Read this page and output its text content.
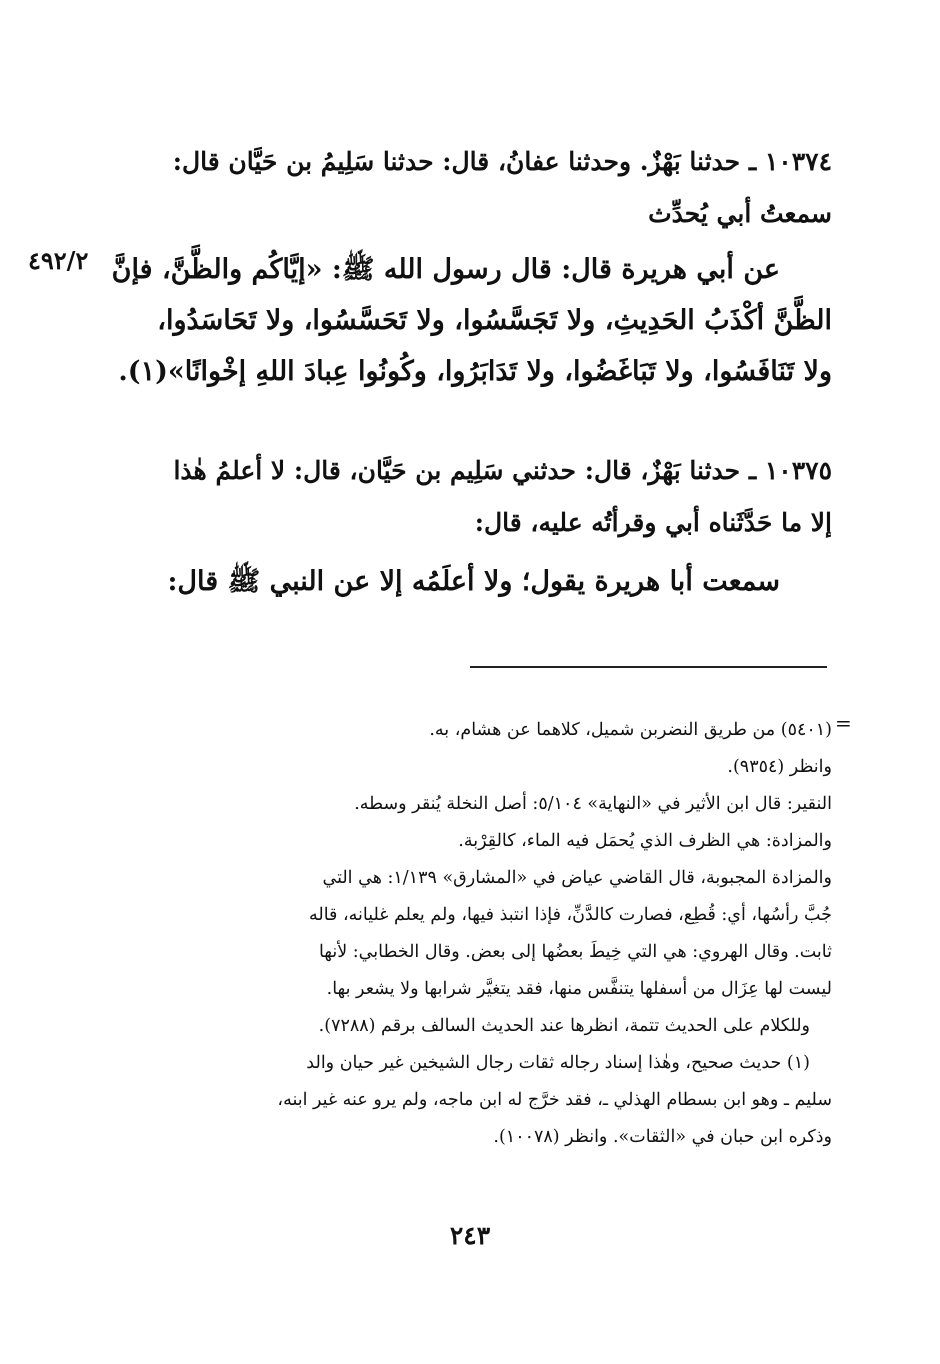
١٠٣٧٤ ـ حدثنا بَهْزٌ. وحدثنا عفانُ، قال: حدثنا سَلِيمُ بن حَيَّان قال:
سمعتُ أبي يُحدِّث
٤٩٢/٢ عن أبي هريرة قال: قال رسول الله ﷺ: «إيَّاكُم والظَّنَّ، فإنَّ
الظَّنَّ أكْذَبُ الحَدِيثِ، ولا تَجَسَّسُوا، ولا تَحَسَّسُوا، ولا تَحَاسَدُوا،
ولا تَنَافَسُوا، ولا تَبَاغَضُوا، ولا تَدَابَرُوا، وكُونُوا عِبادَ اللهِ إخْوانًا»(١).
١٠٣٧٥ ـ حدثنا بَهْزٌ، قال: حدثني سَلِيم بن حَيَّان، قال: لا أعلمُ هٰذا
إلا ما حَدَّثَناه أبي وقرأتُه عليه، قال:
سمعت أبا هريرة يقول؛ ولا أعلَمُه إلا عن النبي ﷺ قال:
=
(٥٤٠١) من طريق النضربن شميل، كلاهما عن هشام، به.
وانظر (٩٣٥٤).
النقير: قال ابن الأثير في «النهاية» ٥/١٠٤: أصل النخلة يُنقر وسطه.
والمزادة: هي الظرف الذي يُحمَل فيه الماء، كالقِرْبة.
والمزادة المجبوبة، قال القاضي عياض في «المشارق» ١/١٣٩: هي التي
جُبَّ رأسُها، أي: قُطِع، فصارت كالدَّنِّ، فإذا انتبذ فيها، ولم يعلم غليانه، قاله
ثابت. وقال الهروي: هي التي خِيطَ بعضُها إلى بعض. وقال الخطابي: لأنها
ليست لها عِزَال من أسفلها يتنفَّس منها، فقد يتغيَّر شرابها ولا يشعر بها.
وللكلام على الحديث تتمة، انظرها عند الحديث السالف برقم (٧٢٨٨).
(١) حديث صحيح، وهٰذا إسناد رجاله ثقات رجال الشيخين غير حيان والد
سليم ـ وهو ابن بسطام الهذلي ـ، فقد خرَّج له ابن ماجه، ولم يرو عنه غير ابنه،
وذكره ابن حبان في «الثقات». وانظر (١٠٠٧٨).
٢٤٣
